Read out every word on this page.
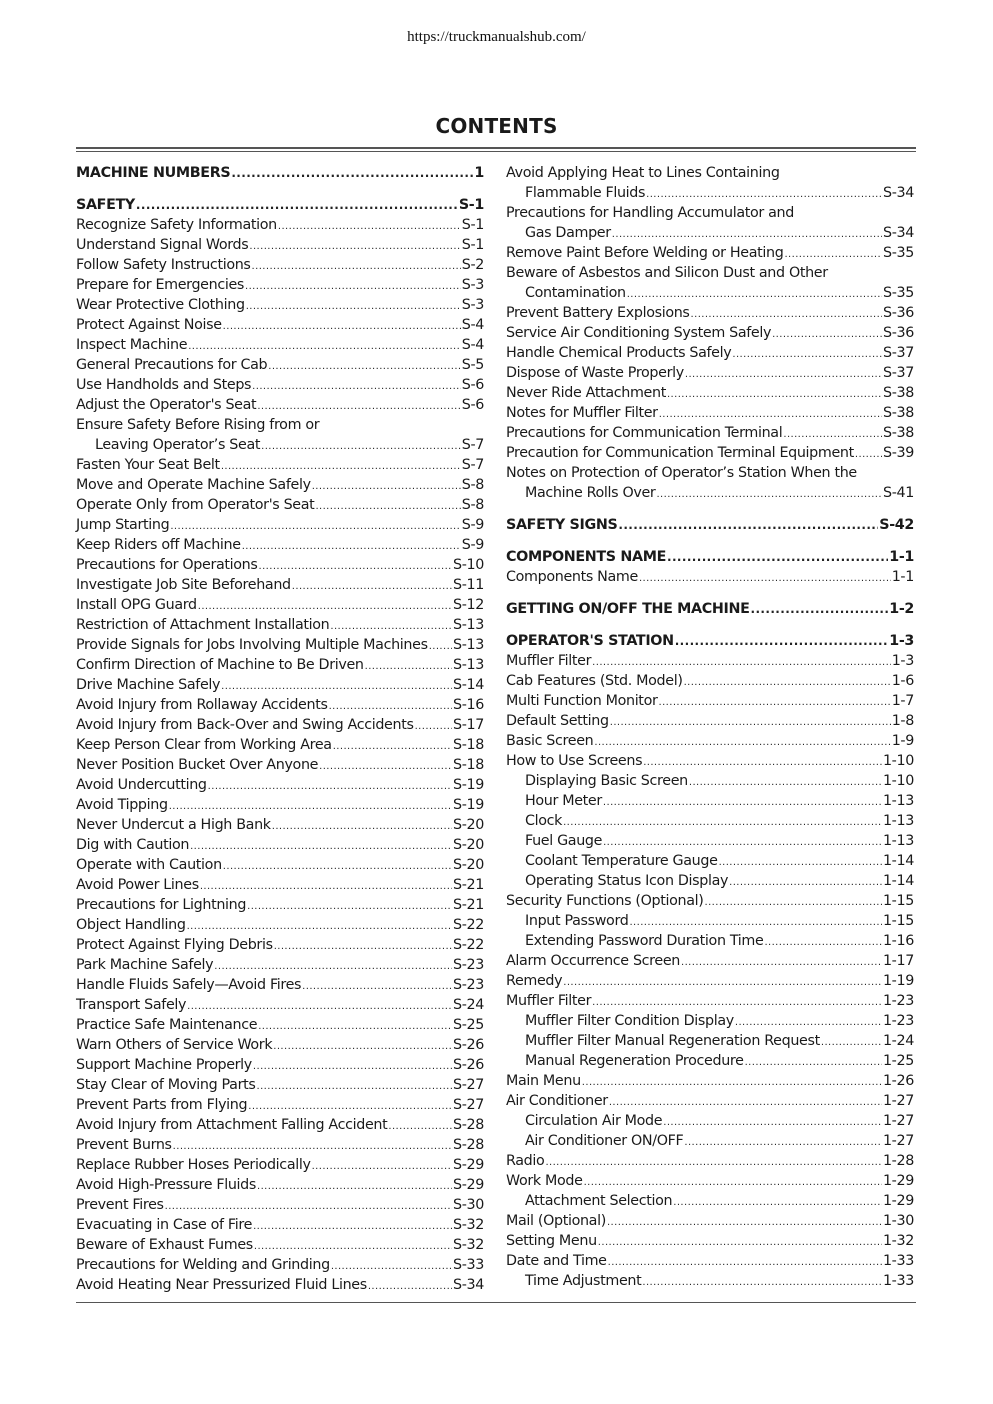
https://truckmanualshub.com/
CONTENTS
MACHINE NUMBERS .....	1
SAFETY .....	S-1
Recognize Safety Information .....	S-1
Understand Signal Words .....	S-1
Follow Safety Instructions .....	S-2
Prepare for Emergencies .....	S-3
Wear Protective Clothing .....	S-3
Protect Against Noise .....	S-4
Inspect Machine .....	S-4
General Precautions for Cab .....	S-5
Use Handholds and Steps .....	S-6
Adjust the Operator's Seat .....	S-6
Ensure Safety Before Rising from or
Leaving Operator’s Seat .....	S-7
Fasten Your Seat Belt .....	S-7
Move and Operate Machine Safely .....	S-8
Operate Only from Operator's Seat .....	S-8
Jump Starting .....	S-9
Keep Riders off Machine .....	S-9
Precautions for Operations .....	S-10
Investigate Job Site Beforehand .....	S-11
Install OPG Guard .....	S-12
Restriction of Attachment Installation .....	S-13
Provide Signals for Jobs Involving Multiple Machines ..... S-13
Confirm Direction of Machine to Be Driven .....	S-13
Drive Machine Safely .....	S-14
Avoid Injury from Rollaway Accidents .....	S-16
Avoid Injury from Back-Over and Swing Accidents .....	S-17
Keep Person Clear from Working Area .....	S-18
Never Position Bucket Over Anyone .....	S-18
Avoid Undercutting .....	S-19
Avoid Tipping .....	S-19
Never Undercut a High Bank .....	S-20
Dig with Caution .....	S-20
Operate with Caution .....	S-20
Avoid Power Lines .....	S-21
Precautions for Lightning .....	S-21
Object Handling .....	S-22
Protect Against Flying Debris .....	S-22
Park Machine Safely .....	S-23
Handle Fluids Safely—Avoid Fires .....	S-23
Transport Safely .....	S-24
Practice Safe Maintenance .....	S-25
Warn Others of Service Work .....	S-26
Support Machine Properly .....	S-26
Stay Clear of Moving Parts .....	S-27
Prevent Parts from Flying .....	S-27
Avoid Injury from Attachment Falling Accident .....	S-28
Prevent Burns .....	S-28
Replace Rubber Hoses Periodically .....	S-29
Avoid High-Pressure Fluids .....	S-29
Prevent Fires .....	S-30
Evacuating in Case of Fire .....	S-32
Beware of Exhaust Fumes .....	S-32
Precautions for Welding and Grinding .....	S-33
Avoid Heating Near Pressurized Fluid Lines .....	S-34
Avoid Applying Heat to Lines Containing
Flammable Fluids .....	S-34
Precautions for Handling Accumulator and
Gas Damper .....	S-34
Remove Paint Before Welding or Heating .....	S-35
Beware of Asbestos and Silicon Dust and Other
Contamination .....	S-35
Prevent Battery Explosions .....	S-36
Service Air Conditioning System Safely .....	S-36
Handle Chemical Products Safely .....	S-37
Dispose of Waste Properly .....	S-37
Never Ride Attachment .....	S-38
Notes for Muffler Filter .....	S-38
Precautions for Communication Terminal .....	S-38
Precaution for Communication Terminal Equipment ..... S-39
Notes on Protection of Operator’s Station When the
Machine Rolls Over .....	S-41
SAFETY SIGNS .....	S-42
COMPONENTS NAME .....	1-1
Components Name .....	1-1
GETTING ON/OFF THE MACHINE .....	1-2
OPERATOR'S STATION .....	1-3
Muffler Filter .....	1-3
Cab Features (Std. Model) .....	1-6
Multi Function Monitor .....	1-7
Default Setting .....	1-8
Basic Screen .....	1-9
How to Use Screens .....	1-10
Displaying Basic Screen .....	1-10
Hour Meter .....	1-13
Clock .....	1-13
Fuel Gauge .....	1-13
Coolant Temperature Gauge .....	1-14
Operating Status Icon Display .....	1-14
Security Functions (Optional) .....	1-15
Input Password .....	1-15
Extending Password Duration Time .....	1-16
Alarm Occurrence Screen .....	1-17
Remedy .....	1-19
Muffler Filter .....	1-23
Muffler Filter Condition Display .....	1-23
Muffler Filter Manual Regeneration Request .....	1-24
Manual Regeneration Procedure .....	1-25
Main Menu .....	1-26
Air Conditioner .....	1-27
Circulation Air Mode .....	1-27
Air Conditioner ON/OFF .....	1-27
Radio .....	1-28
Work Mode .....	1-29
Attachment Selection .....	1-29
Mail (Optional) .....	1-30
Setting Menu .....	1-32
Date and Time .....	1-33
Time Adjustment .....	1-33
